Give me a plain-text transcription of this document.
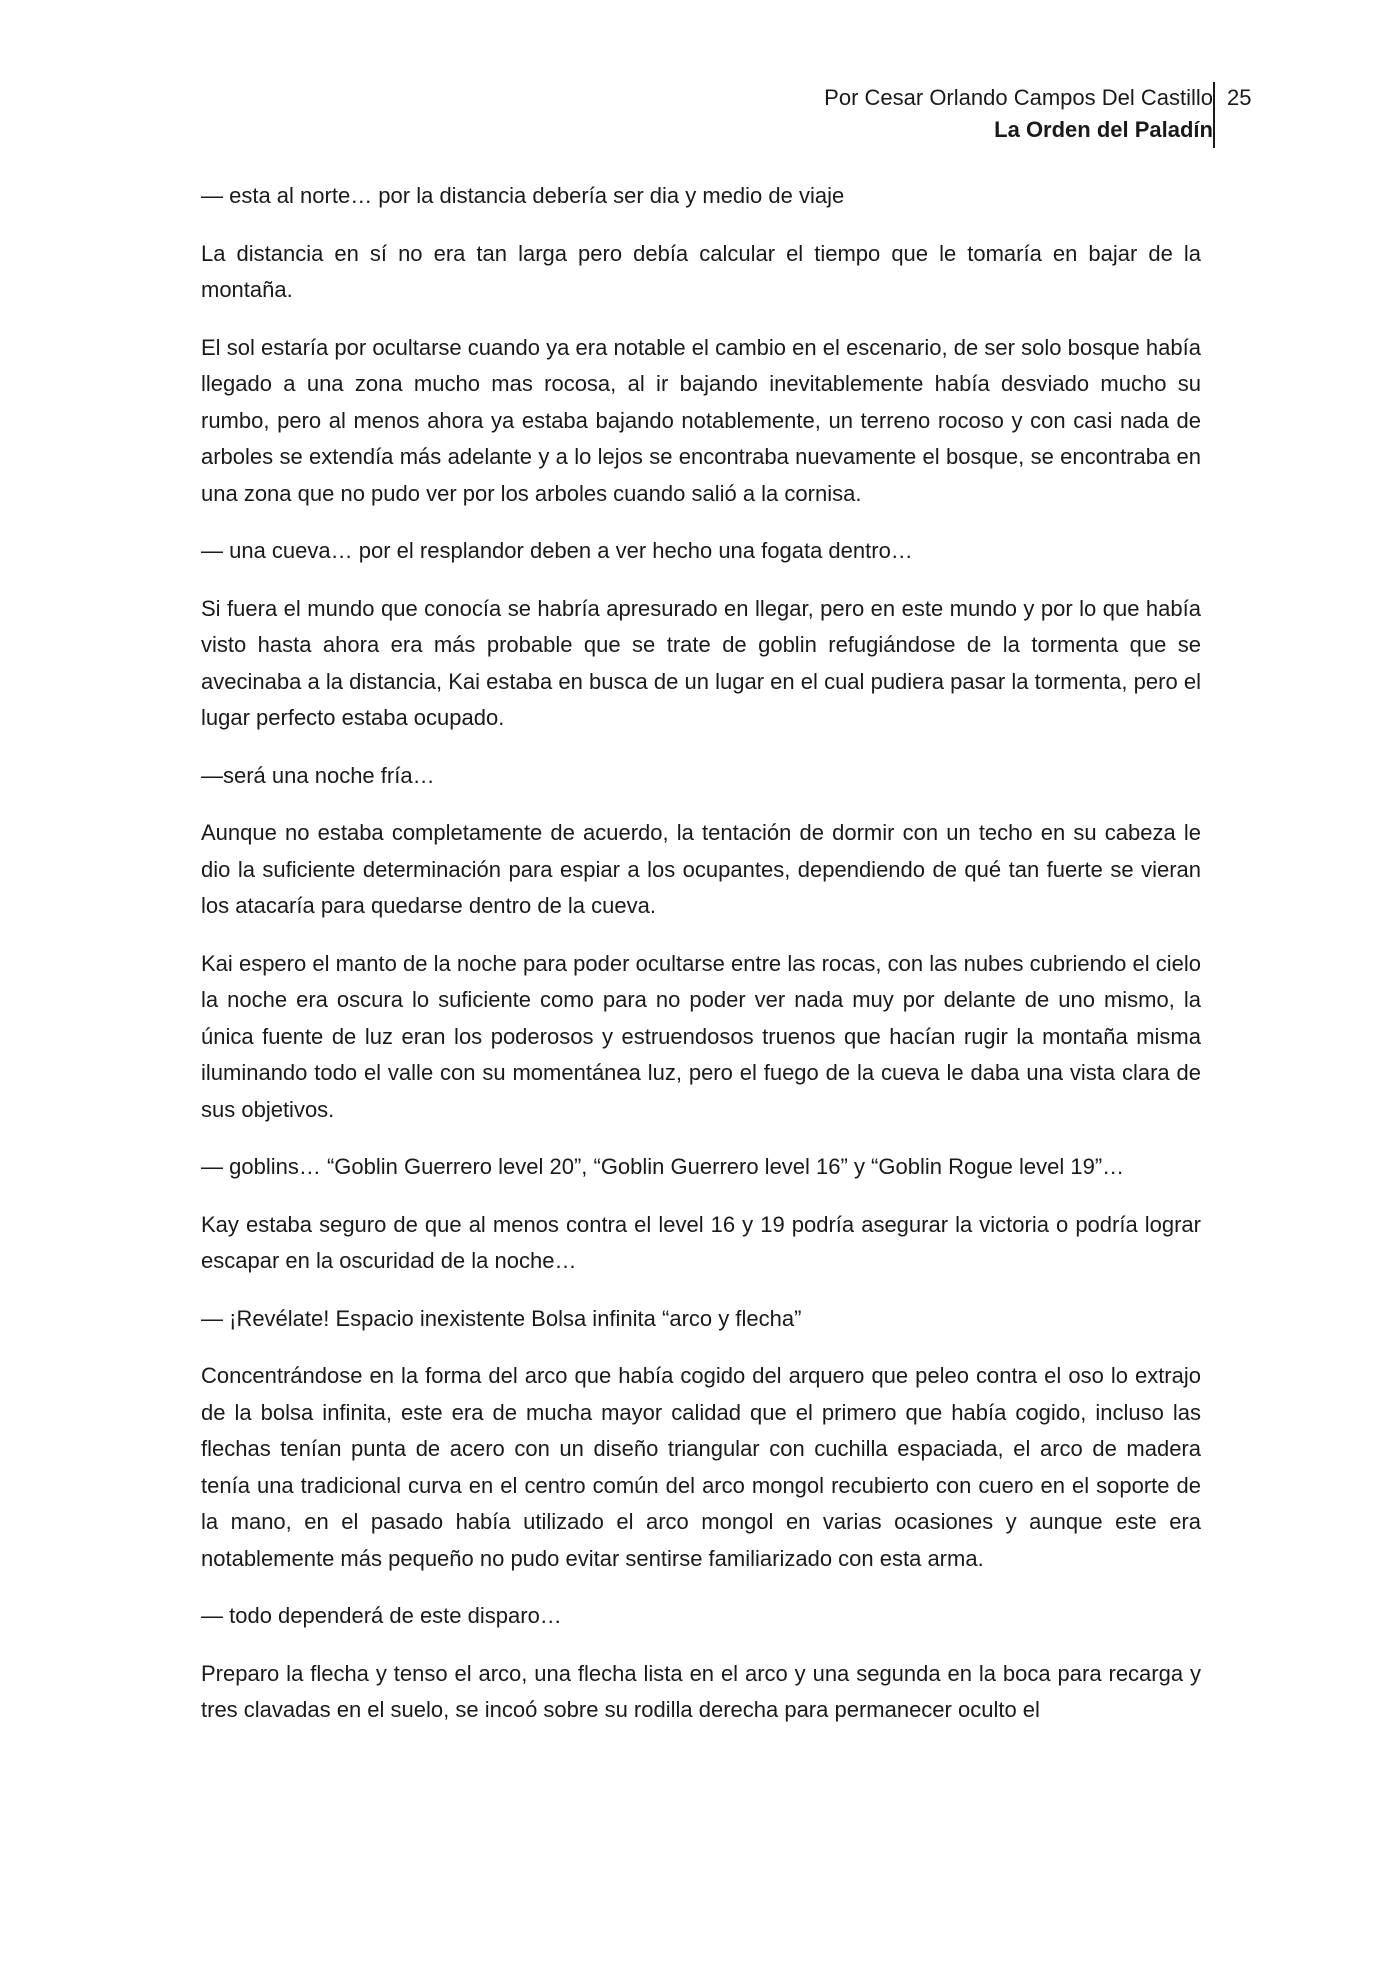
Por Cesar Orlando Campos Del Castillo
La Orden del Paladín
25

— esta al norte… por la distancia debería ser dia y medio de viaje

La distancia en sí no era tan larga pero debía calcular el tiempo que le tomaría en bajar de la montaña.

El sol estaría por ocultarse cuando ya era notable el cambio en el escenario, de ser solo bosque había llegado a una zona mucho mas rocosa, al ir bajando inevitablemente había desviado mucho su rumbo, pero al menos ahora ya estaba bajando notablemente, un terreno rocoso y con casi nada de arboles se extendía más adelante y a lo lejos se encontraba nuevamente el bosque, se encontraba en una zona que no pudo ver por los arboles cuando salió a la cornisa.

— una cueva… por el resplandor deben a ver hecho una fogata dentro…

Si fuera el mundo que conocía se habría apresurado en llegar, pero en este mundo y por lo que había visto hasta ahora era más probable que se trate de goblin refugiándose de la tormenta que se avecinaba a la distancia, Kai estaba en busca de un lugar en el cual pudiera pasar la tormenta, pero el lugar perfecto estaba ocupado.

—será una noche fría…

Aunque no estaba completamente de acuerdo, la tentación de dormir con un techo en su cabeza le dio la suficiente determinación para espiar a los ocupantes, dependiendo de qué tan fuerte se vieran los atacaría para quedarse dentro de la cueva.

Kai espero el manto de la noche para poder ocultarse entre las rocas, con las nubes cubriendo el cielo la noche era oscura lo suficiente como para no poder ver nada muy por delante de uno mismo, la única fuente de luz eran los poderosos y estruendosos truenos que hacían rugir la montaña misma iluminando todo el valle con su momentánea luz, pero el fuego de la cueva le daba una vista clara de sus objetivos.

— goblins… “Goblin Guerrero level 20”, “Goblin Guerrero level 16” y “Goblin Rogue level 19”…

Kay estaba seguro de que al menos contra el level 16 y 19 podría asegurar la victoria o podría lograr escapar en la oscuridad de la noche…

— ¡Revélate! Espacio inexistente Bolsa infinita “arco y flecha”

Concentrándose en la forma del arco que había cogido del arquero que peleo contra el oso lo extrajo de la bolsa infinita, este era de mucha mayor calidad que el primero que había cogido, incluso las flechas tenían punta de acero con un diseño triangular con cuchilla espaciada, el arco de madera tenía una tradicional curva en el centro común del arco mongol recubierto con cuero en el soporte de la mano, en el pasado había utilizado el arco mongol en varias ocasiones y aunque este era notablemente más pequeño no pudo evitar sentirse familiarizado con esta arma.

— todo dependerá de este disparo…

Preparo la flecha y tenso el arco, una flecha lista en el arco y una segunda en la boca para recarga y tres clavadas en el suelo, se incoó sobre su rodilla derecha para permanecer oculto el
